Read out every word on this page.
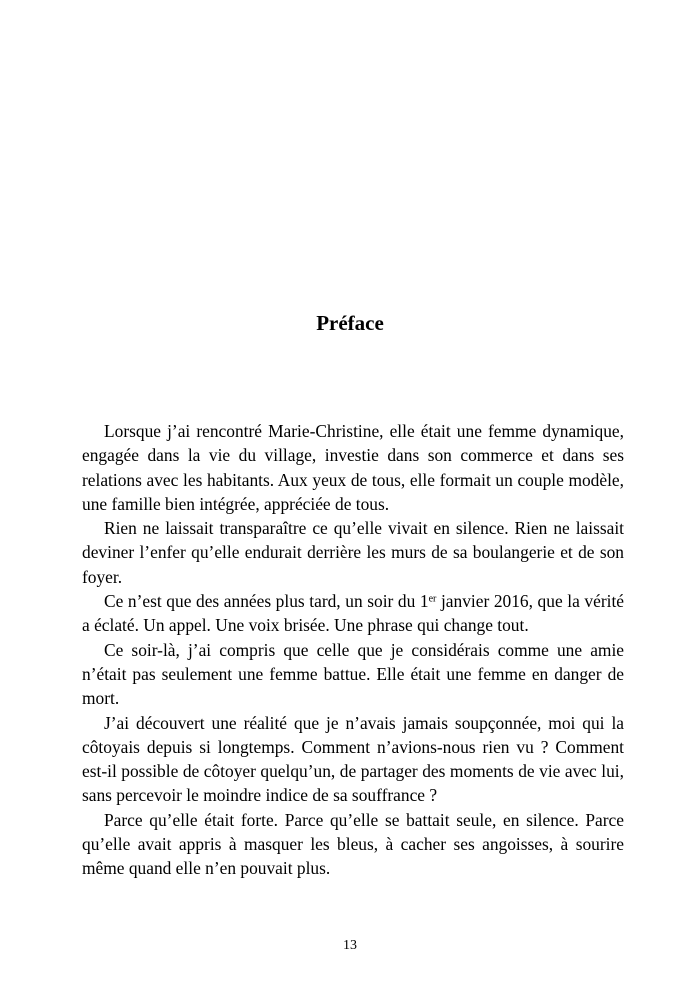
Préface

Lorsque j’ai rencontré Marie-Christine, elle était une femme dynamique, engagée dans la vie du village, investie dans son commerce et dans ses relations avec les habitants. Aux yeux de tous, elle formait un couple modèle, une famille bien intégrée, appréciée de tous.

Rien ne laissait transparaître ce qu’elle vivait en silence. Rien ne laissait deviner l’enfer qu’elle endurait derrière les murs de sa boulangerie et de son foyer.

Ce n’est que des années plus tard, un soir du 1er janvier 2016, que la vérité a éclaté. Un appel. Une voix brisée. Une phrase qui change tout.

Ce soir-là, j’ai compris que celle que je considérais comme une amie n’était pas seulement une femme battue. Elle était une femme en danger de mort.

J’ai découvert une réalité que je n’avais jamais soupçonnée, moi qui la côtoyais depuis si longtemps. Comment n’avions-nous rien vu ? Comment est-il possible de côtoyer quelqu’un, de partager des moments de vie avec lui, sans percevoir le moindre indice de sa souffrance ?

Parce qu’elle était forte. Parce qu’elle se battait seule, en silence. Parce qu’elle avait appris à masquer les bleus, à cacher ses angoisses, à sourire même quand elle n’en pouvait plus.

13
